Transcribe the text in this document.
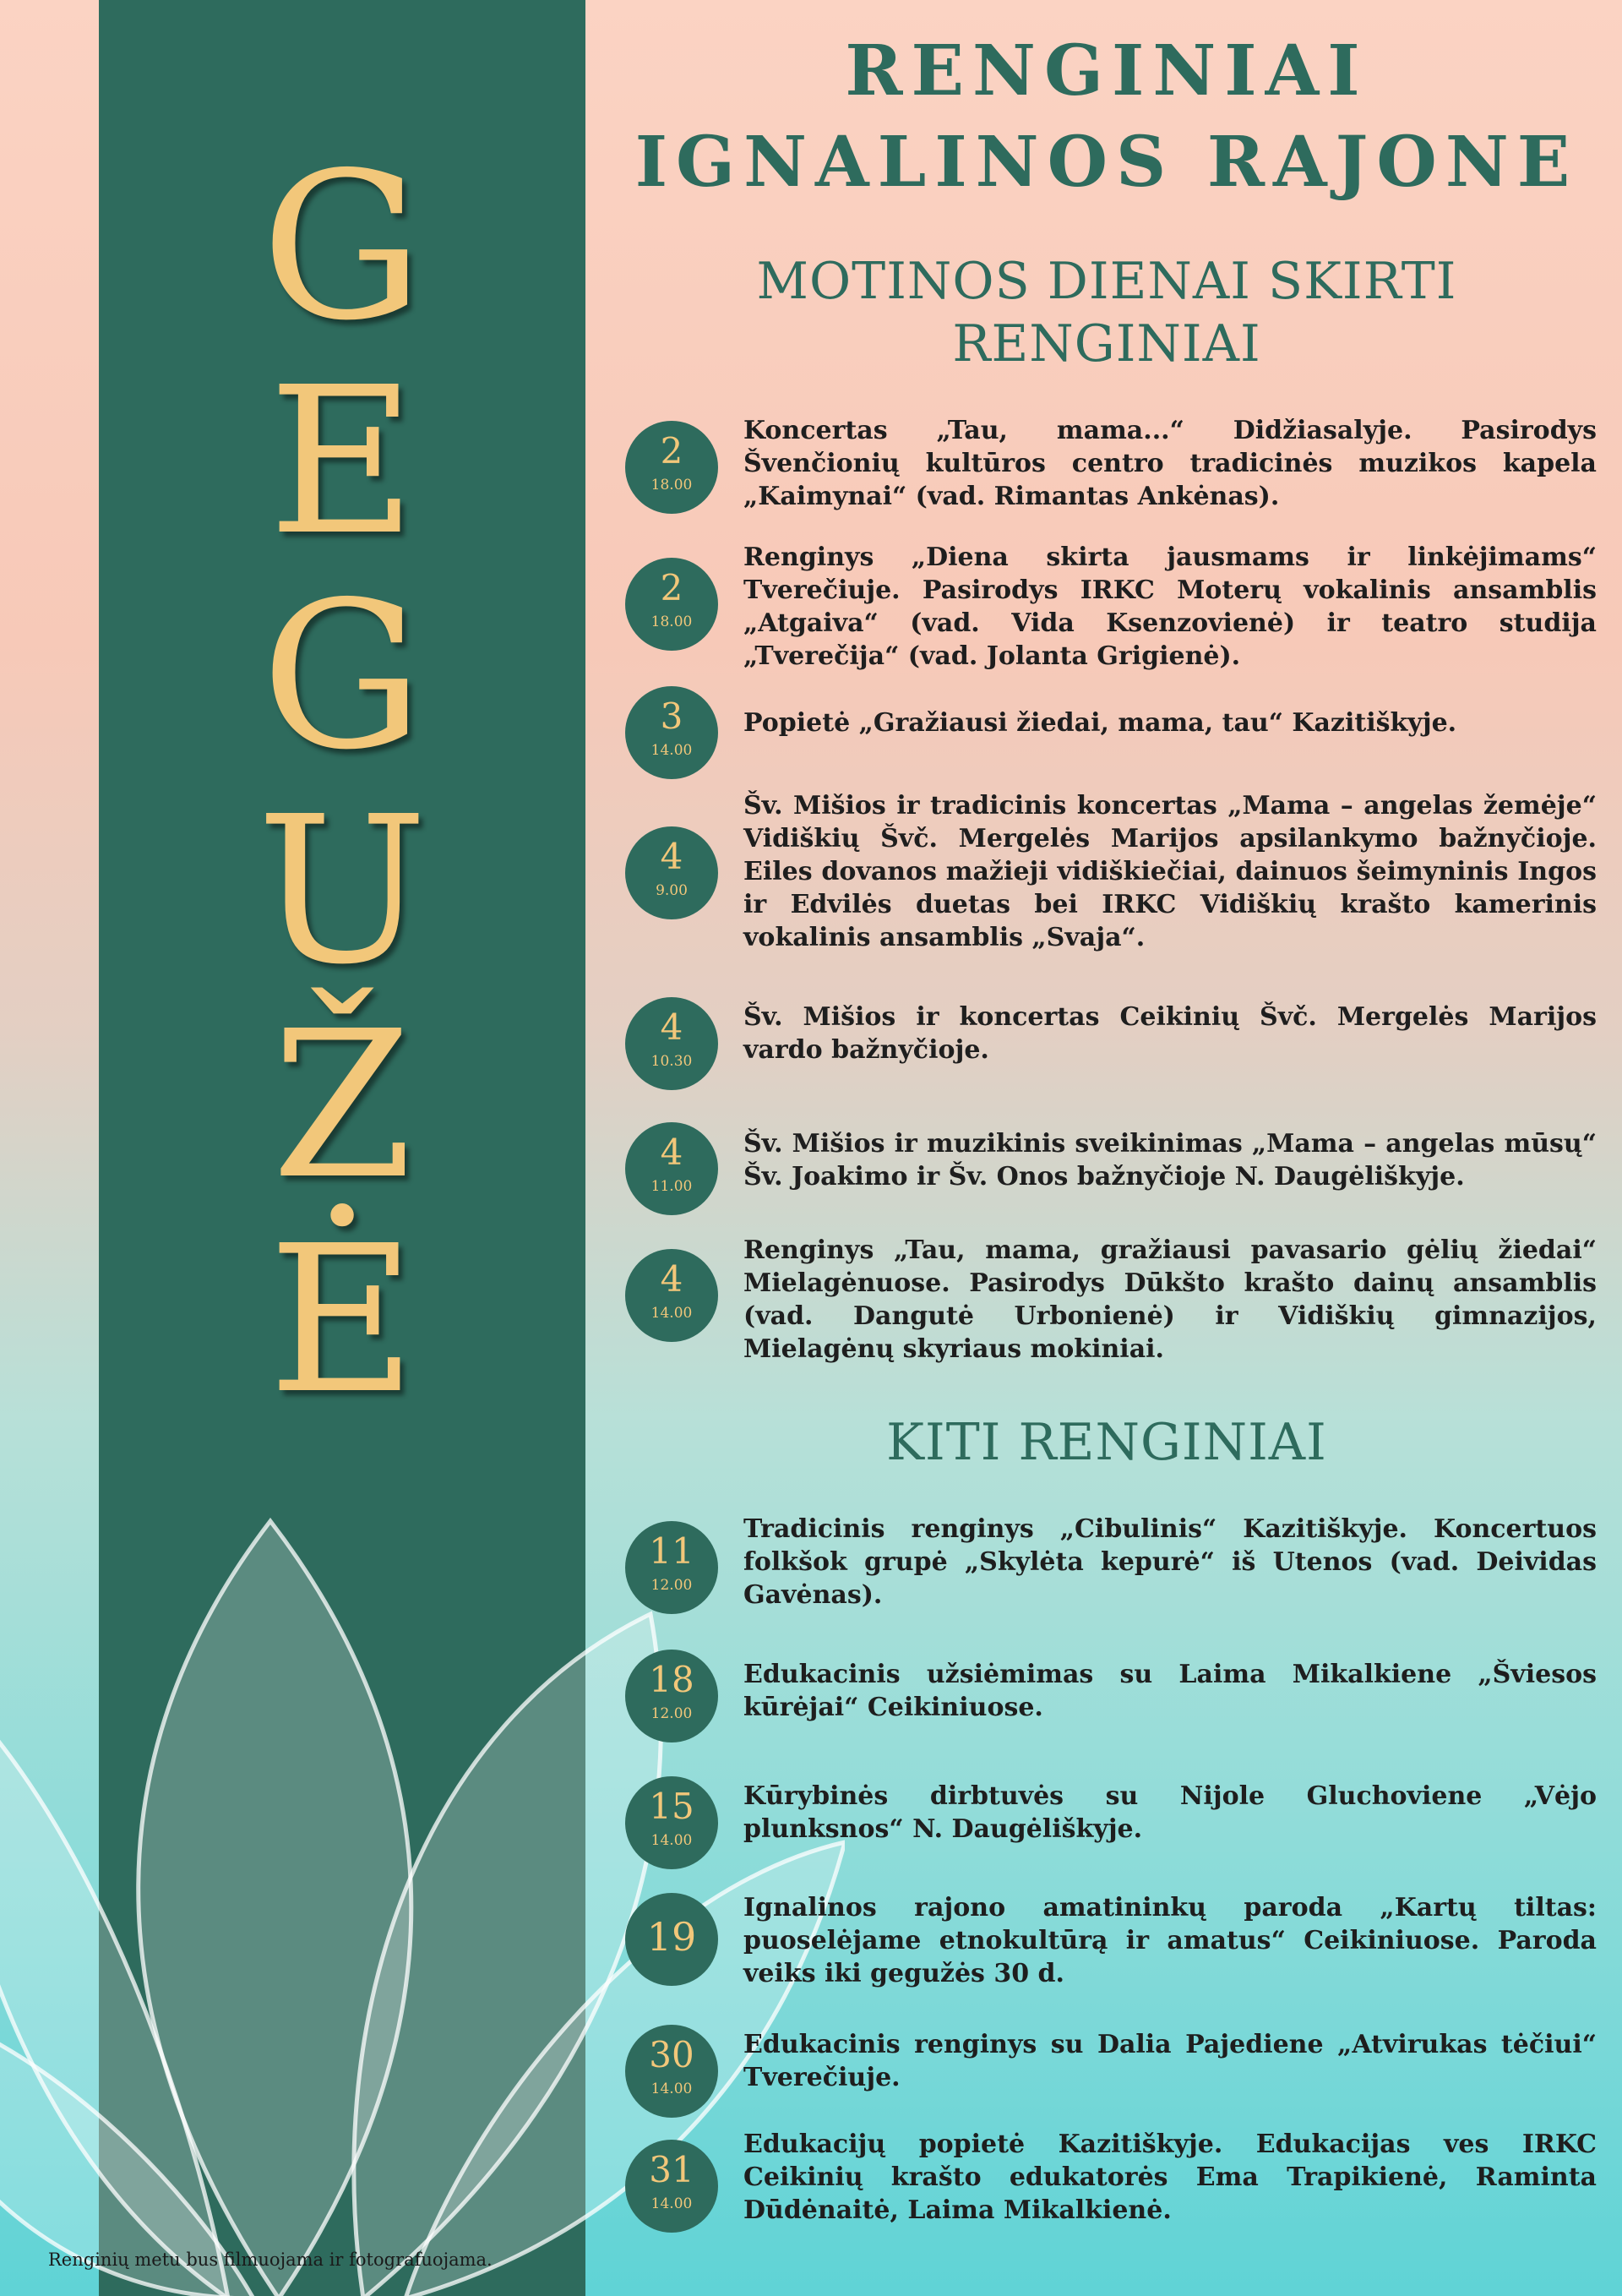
G
E
G
U
Ž
Ė
RENGINIAI
IGNALINOS RAJONE
MOTINOS DIENAI SKIRTI
RENGINIAI
2
18.00
Koncertas „Tau, mama...“ Didžiasalyje. Pasirodys Švenčionių kultūros centro tradicinės muzikos kapela „Kaimynai“ (vad. Rimantas Ankėnas).
2
18.00
Renginys „Diena skirta jausmams ir linkėjimams“ Tverečiuje. Pasirodys IRKC Moterų vokalinis ansamblis „Atgaiva“ (vad. Vida Ksenzovienė) ir teatro studija „Tverečija“ (vad. Jolanta Grigienė).
3
14.00
Popietė „Gražiausi žiedai, mama, tau“ Kazitiškyje.
4
9.00
Šv. Mišios ir tradicinis koncertas „Mama – angelas žemėje“ Vidiškių Švč. Mergelės Marijos apsilankymo bažnyčioje. Eiles dovanos mažieji vidiškiečiai, dainuos šeimyninis Ingos ir Edvilės duetas bei IRKC Vidiškių krašto kamerinis vokalinis ansamblis „Svaja“.
4
10.30
Šv. Mišios ir koncertas Ceikinių Švč. Mergelės Marijos vardo bažnyčioje.
4
11.00
Šv. Mišios ir muzikinis sveikinimas „Mama – angelas mūsų“ Šv. Joakimo ir Šv. Onos bažnyčioje N. Daugėliškyje.
4
14.00
Renginys „Tau, mama, gražiausi pavasario gėlių žiedai“ Mielagėnuose. Pasirodys Dūkšto krašto dainų ansamblis (vad. Dangutė Urbonienė) ir Vidiškių gimnazijos, Mielagėnų skyriaus mokiniai.
KITI RENGINIAI
11
12.00
Tradicinis renginys „Cibulinis“ Kazitiškyje. Koncertuos folkšok grupė „Skylėta kepurė“ iš Utenos (vad. Deividas Gavėnas).
18
12.00
Edukacinis užsiėmimas su Laima Mikalkiene „Šviesos kūrėjai“ Ceikiniuose.
15
14.00
Kūrybinės dirbtuvės su Nijole Gluchoviene „Vėjo plunksnos“ N. Daugėliškyje.
19
Ignalinos rajono amatininkų paroda „Kartų tiltas: puoselėjame etnokultūrą ir amatus“ Ceikiniuose. Paroda veiks iki gegužės 30 d.
30
14.00
Edukacinis renginys su Dalia Pajediene „Atvirukas tėčiui“ Tverečiuje.
31
14.00
Edukacijų popietė Kazitiškyje. Edukacijas ves IRKC Ceikinių krašto edukatorės Ema Trapikienė, Raminta Dūdėnaitė, Laima Mikalkienė.
Renginių metu bus filmuojama ir fotografuojama.
